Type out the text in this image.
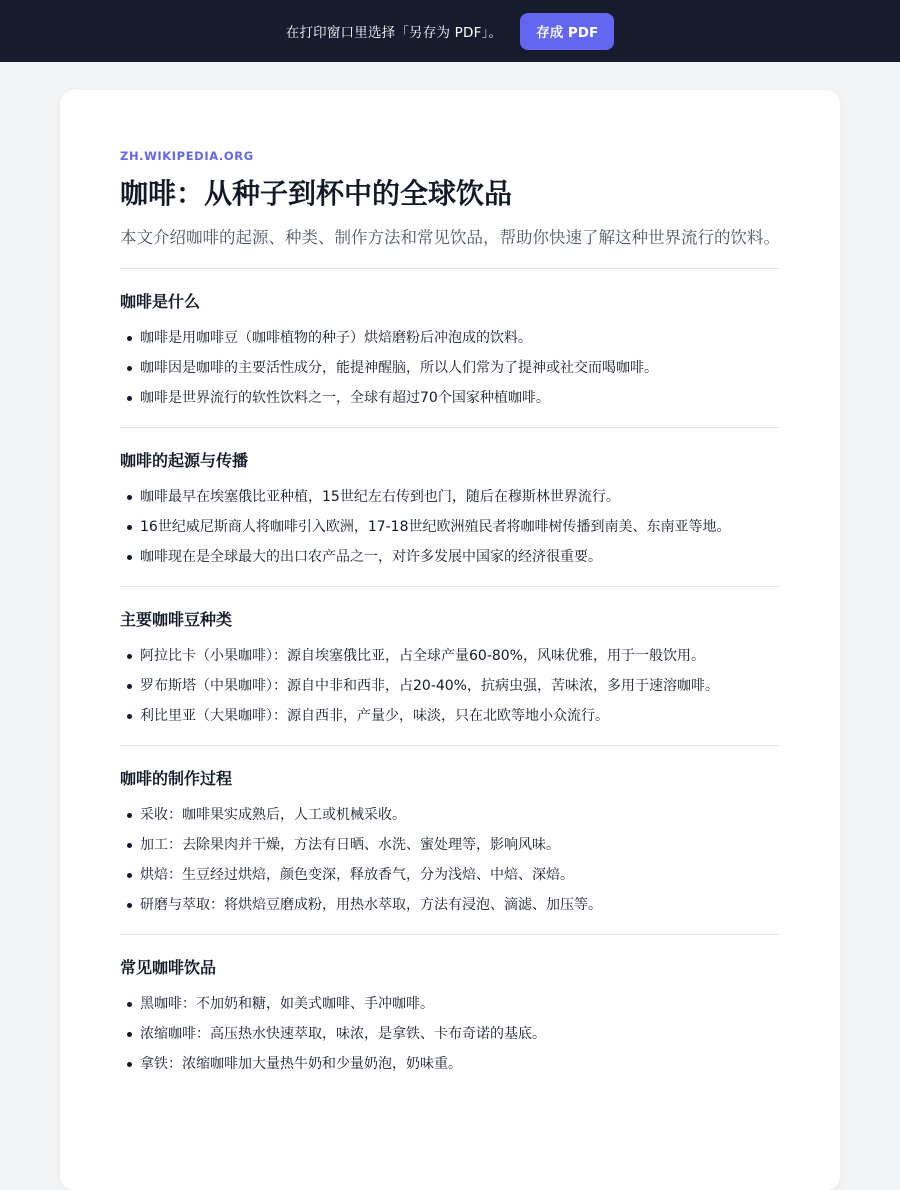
在打印窗口里选择「另存为 PDF」。	存成 PDF

ZH.WIKIPEDIA.ORG

咖啡：从种子到杯中的全球饮品

本文介绍咖啡的起源、种类、制作方法和常见饮品，帮助你快速了解这种世界流行的饮料。

咖啡是什么
咖啡是用咖啡豆（咖啡植物的种子）烘焙磨粉后冲泡成的饮料。
咖啡因是咖啡的主要活性成分，能提神醒脑，所以人们常为了提神或社交而喝咖啡。
咖啡是世界流行的软性饮料之一，全球有超过70个国家种植咖啡。
咖啡的起源与传播
咖啡最早在埃塞俄比亚种植，15世纪左右传到也门，随后在穆斯林世界流行。
16世纪威尼斯商人将咖啡引入欧洲，17-18世纪欧洲殖民者将咖啡树传播到南美、东南亚等地。
咖啡现在是全球最大的出口农产品之一，对许多发展中国家的经济很重要。
主要咖啡豆种类
阿拉比卡（小果咖啡）：源自埃塞俄比亚，占全球产量60-80%，风味优雅，用于一般饮用。
罗布斯塔（中果咖啡）：源自中非和西非，占20-40%，抗病虫强，苦味浓，多用于速溶咖啡。
利比里亚（大果咖啡）：源自西非，产量少，味淡，只在北欧等地小众流行。
咖啡的制作过程
采收：咖啡果实成熟后，人工或机械采收。
加工：去除果肉并干燥，方法有日晒、水洗、蜜处理等，影响风味。
烘焙：生豆经过烘焙，颜色变深，释放香气，分为浅焙、中焙、深焙。
研磨与萃取：将烘焙豆磨成粉，用热水萃取，方法有浸泡、滴滤、加压等。
常见咖啡饮品
黑咖啡：不加奶和糖，如美式咖啡、手冲咖啡。
浓缩咖啡：高压热水快速萃取，味浓，是拿铁、卡布奇诺的基底。
拿铁：浓缩咖啡加大量热牛奶和少量奶泡，奶味重。
